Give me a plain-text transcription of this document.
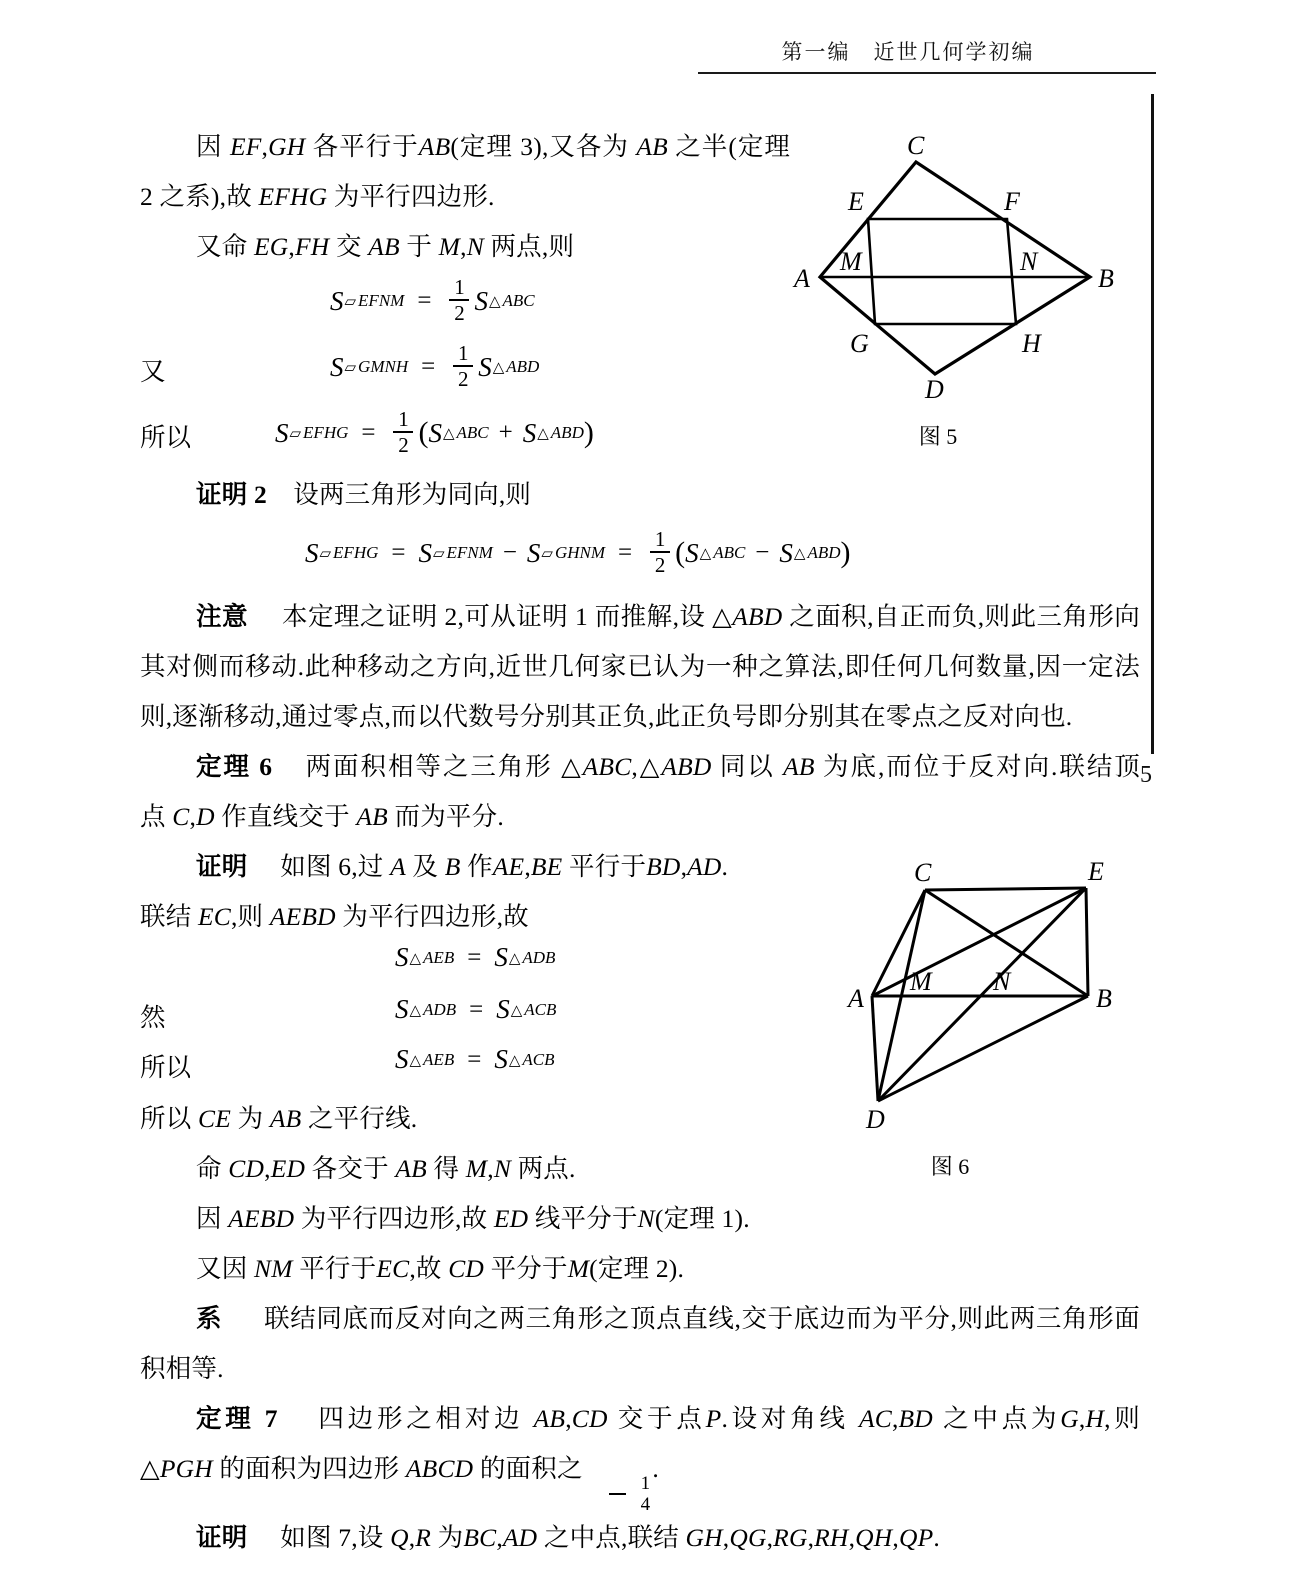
第一编　近世几何学初编
5

因 EF,GH 各平行于AB(定理 3),又各为 AB 之半(定理 2 之系),故 EFHG 为平行四边形.

又命 EG,FH 交 AB 于 M,N 两点,则

S ▱ EFNM = $\frac{1}{2}$ S △ ABC
又	S ▱ GMNH = $\frac{1}{2}$ S △ ABD
所以	S ▱ EFHG = $\frac{1}{2}$ ( S △ ABC + S △ ABD )

证明 2 设两三角形为同向,则

S ▱ EFHG = S ▱ EFNM − S ▱ GHNM = $\frac{1}{2}$ ( S △ ABC − S △ ABD )

注意 本定理之证明 2,可从证明 1 而推解,设 △ABD 之面积,自正而负,则此三角形向其对侧而移动.此种移动之方向,近世几何家已认为一种之算法,即任何几何数量,因一定法则,逐渐移动,通过零点,而以代数号分别其正负,此正负号即分别其在零点之反对向也.

定理 6 两面积相等之三角形 △ABC,△ABD 同以 AB 为底,而位于反对向.联结顶点 C,D 作直线交于 AB 而为平分.

证明 如图 6,过 A 及 B 作AE,BE 平行于BD,AD.

联结 EC,则 AEBD 为平行四边形,故

S △ AEB = S △ ADB
然	S △ ADB = S △ ACB
所以	S △ AEB = S △ ACB

所以 CE 为 AB 之平行线.

命 CD,ED 各交于 AB 得 M,N 两点.

因 AEBD 为平行四边形,故 ED 线平分于N(定理 1).

又因 NM 平行于EC,故 CD 平分于M(定理 2).

系 联结同底而反对向之两三角形之顶点直线,交于底边而为平分,则此两三角形面积相等.

定理 7 四边形之相对边 AB,CD 交于点P.设对角线 AC,BD 之中点为G,H,则 △PGH 的面积为四边形 ABCD 的面积之
$\frac{1}{4}$
.

证明 如图 7,设 Q,R 为BC,AD 之中点,联结 GH,QG,RG,RH,QH,QP.

C
E	F
A	B
M	N
G	H
D
图 5
C	E
A	B
M N
D
图 6
